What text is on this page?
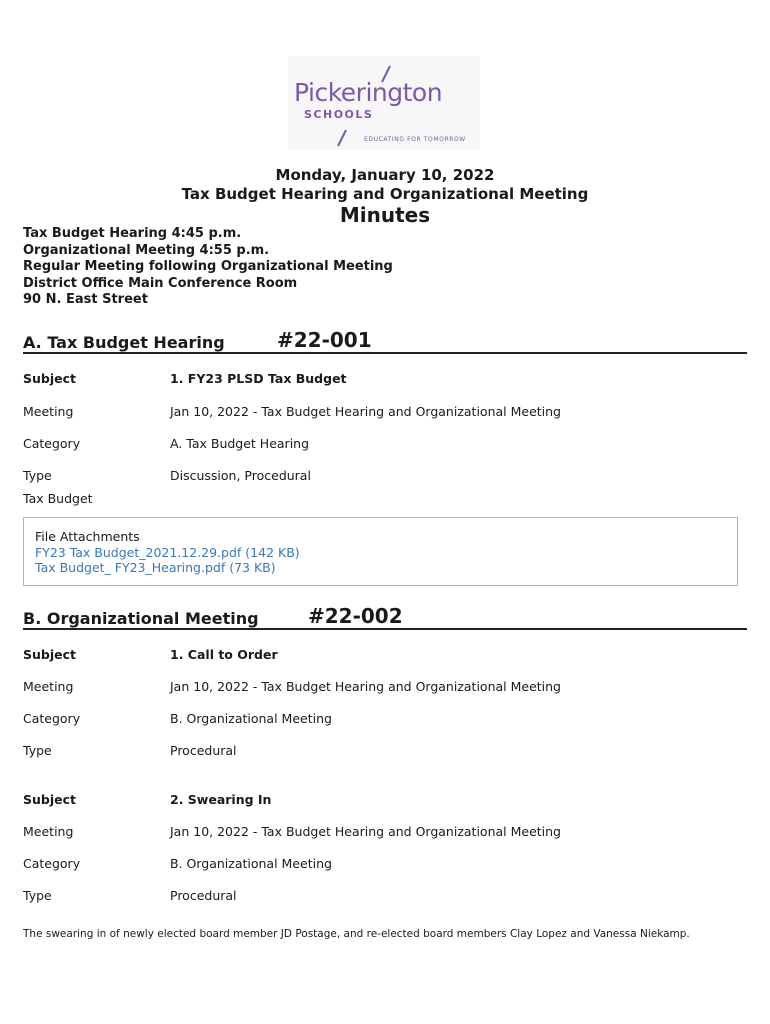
Pickerington
SCHOOLS
EDUCATING FOR TOMORROW
Monday, January 10, 2022
Tax Budget Hearing and Organizational Meeting
Minutes
Tax Budget Hearing 4:45 p.m.
Organizational Meeting 4:55 p.m.
Regular Meeting following Organizational Meeting
District Office Main Conference Room
90 N. East Street
A. Tax Budget Hearing	#22-001
Subject	1. FY23 PLSD Tax Budget
Meeting	Jan 10, 2022 - Tax Budget Hearing and Organizational Meeting
Category	A. Tax Budget Hearing
Type	Discussion, Procedural
Tax Budget
File Attachments
FY23 Tax Budget_2021.12.29.pdf (142 KB)
Tax Budget_ FY23_Hearing.pdf (73 KB)
B. Organizational Meeting #22-002
Subject	1. Call to Order
Meeting	Jan 10, 2022 - Tax Budget Hearing and Organizational Meeting
Category	B. Organizational Meeting
Type	Procedural
Subject	2. Swearing In
Meeting	Jan 10, 2022 - Tax Budget Hearing and Organizational Meeting
Category	B. Organizational Meeting
Type	Procedural
The swearing in of newly elected board member JD Postage, and re-elected board members Clay Lopez and Vanessa Niekamp.
